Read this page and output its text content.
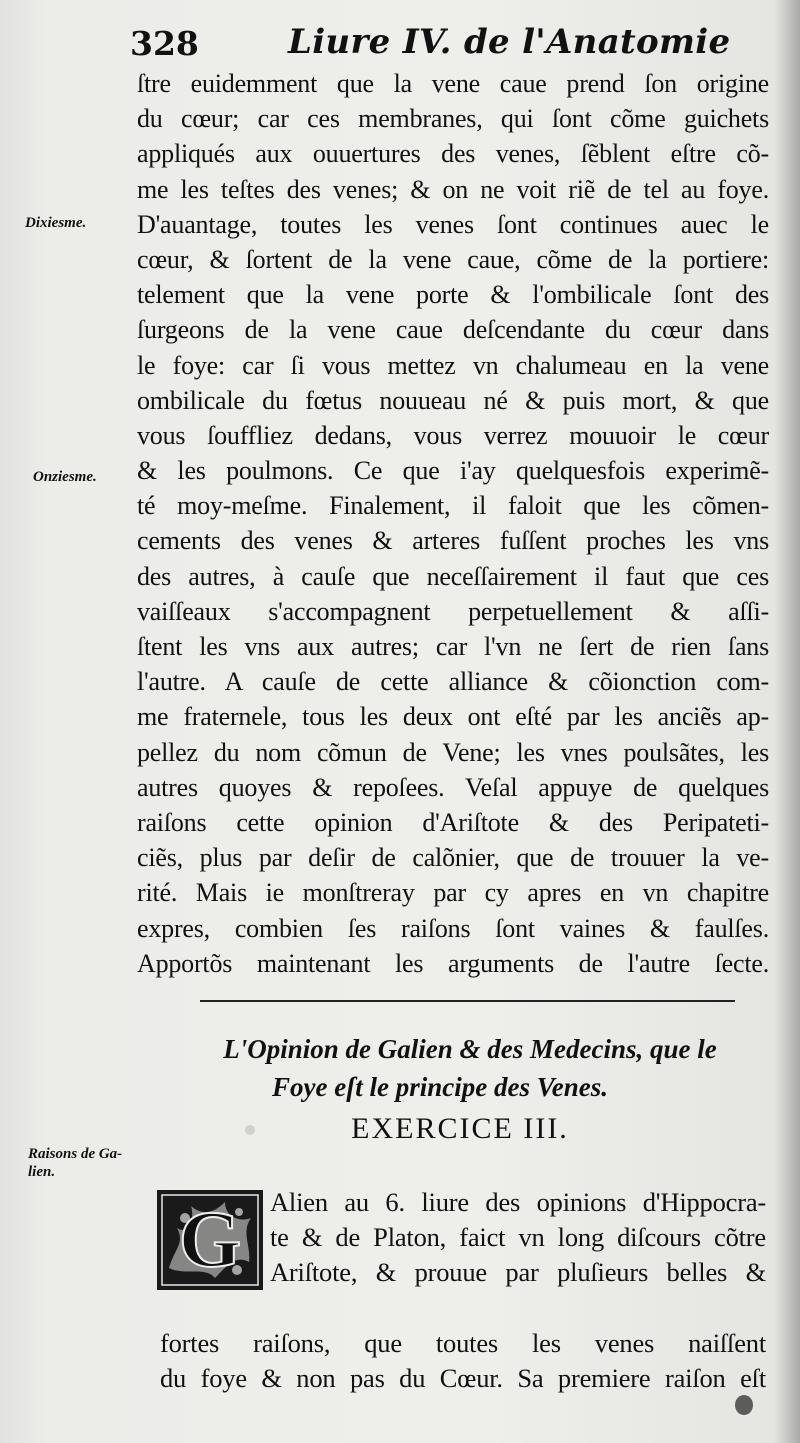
328	Liure IV. de l'Anatomie
Dixiesme.
Onziesme.
Raisons de Ga-
lien.
ſtre euidemment que la vene caue prend ſon origine
du cœur; car ces membranes, qui ſont cõme guichets
appliqués aux ouuertures des venes, ſẽblent eſtre cõ-
me les teſtes des venes; & on ne voit riẽ de tel au foye.
D'auantage, toutes les venes ſont continues auec le
cœur, & ſortent de la vene caue, cõme de la portiere:
telement que la vene porte & l'ombilicale ſont des
ſurgeons de la vene caue deſcendante du cœur dans
le foye: car ſi vous mettez vn chalumeau en la vene
ombilicale du fœtus nouueau né & puis mort, & que
vous ſouffliez dedans, vous verrez mouuoir le cœur
& les poulmons. Ce que i'ay quelquesfois experimẽ-
té moy-meſme. Finalement, il faloit que les cõmen-
cements des venes & arteres fuſſent proches les vns
des autres, à cauſe que neceſſairement il faut que ces
vaiſſeaux s'accompagnent perpetuellement & aſſi-
ſtent les vns aux autres; car l'vn ne ſert de rien ſans
l'autre. A cauſe de cette alliance & cõionction com-
me fraternele, tous les deux ont eſté par les anciẽs ap-
pellez du nom cõmun de Vene; les vnes poulsãtes, les
autres quoyes & repoſees. Veſal appuye de quelques
raiſons cette opinion d'Ariſtote & des Peripateti-
ciẽs, plus par deſir de calõnier, que de trouuer la ve-
rité. Mais ie monſtreray par cy apres en vn chapitre
expres, combien ſes raiſons ſont vaines & faulſes.
Apportõs maintenant les arguments de l'autre ſecte.
L'Opinion de Galien & des Medecins, que le
Foye eſt le principe des Venes.
EXERCICE III.
G Alien au 6. liure des opinions d'Hippocra-
te & de Platon, faict vn long diſcours cõtre
Ariſtote, & prouue par pluſieurs belles &
fortes raiſons, que toutes les venes naiſſent
du foye & non pas du Cœur. Sa premiere raiſon eſt
